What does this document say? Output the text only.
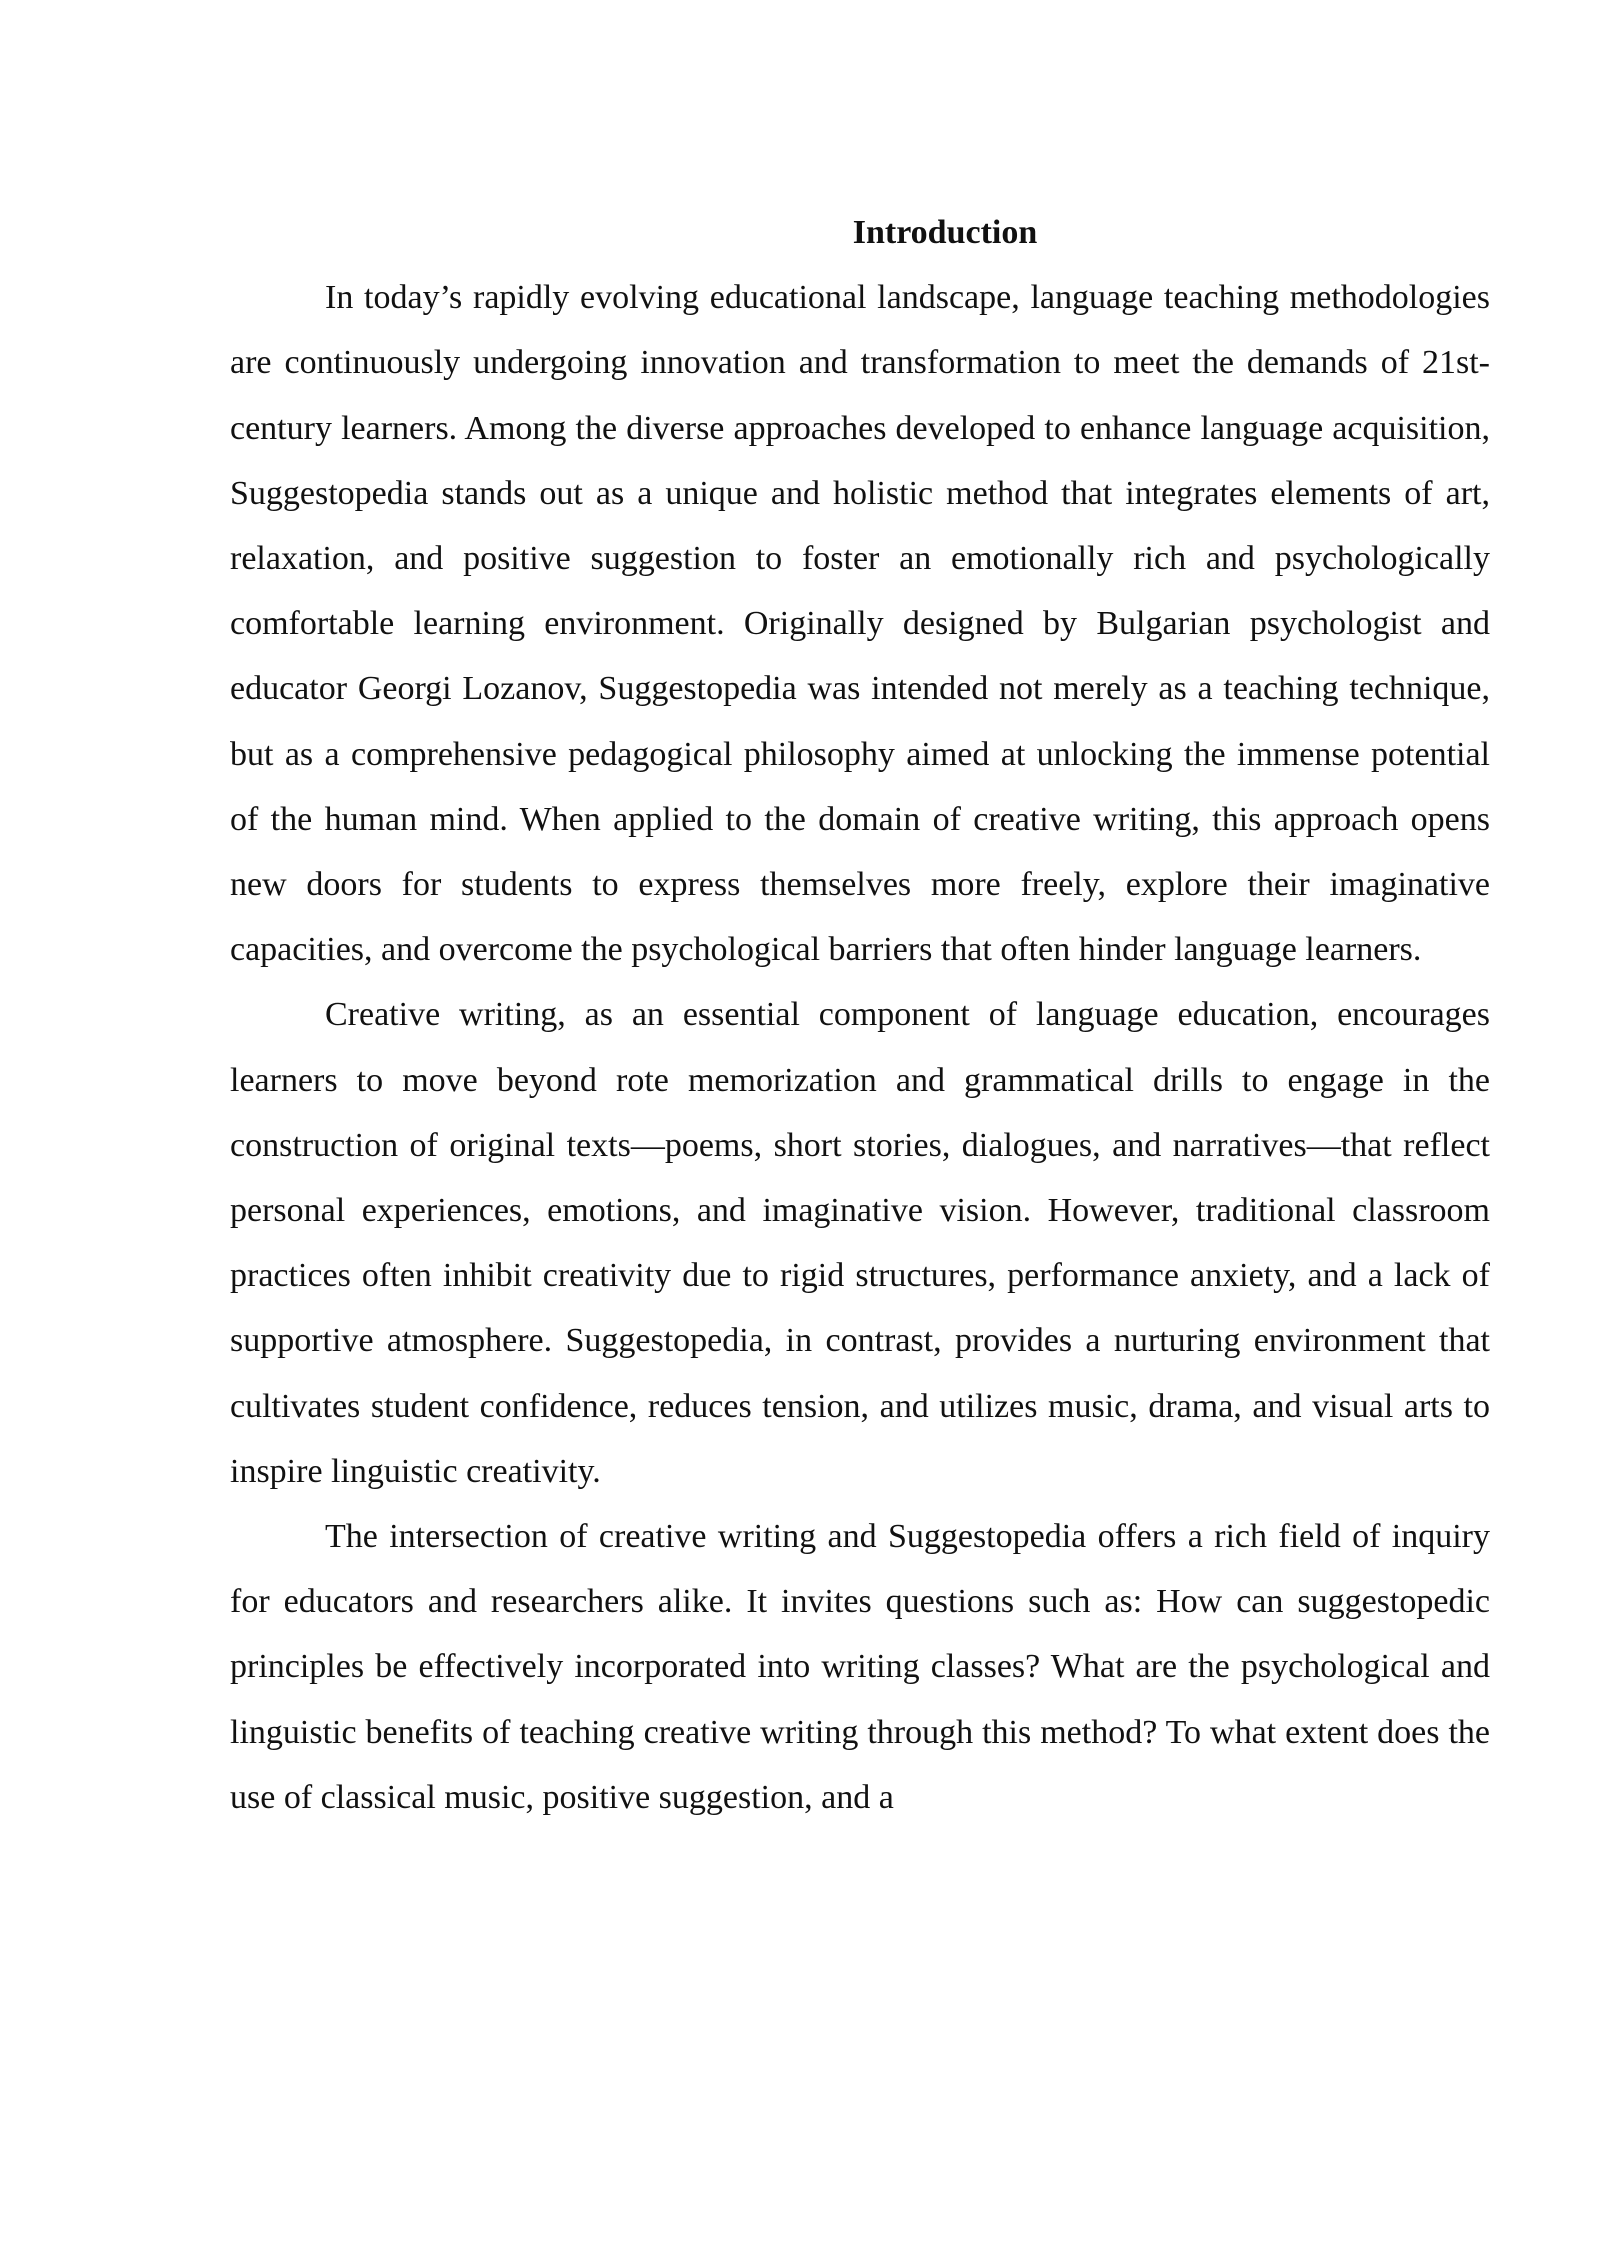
Introduction

In today’s rapidly evolving educational landscape, language teaching methodologies are continuously undergoing innovation and transformation to meet the demands of 21st-century learners. Among the diverse approaches developed to enhance language acquisition, Suggestopedia stands out as a unique and holistic method that integrates elements of art, relaxation, and positive suggestion to foster an emotionally rich and psychologically comfortable learning environment. Originally designed by Bulgarian psychologist and educator Georgi Lozanov, Suggestopedia was intended not merely as a teaching technique, but as a comprehensive pedagogical philosophy aimed at unlocking the immense potential of the human mind. When applied to the domain of creative writing, this approach opens new doors for students to express themselves more freely, explore their imaginative capacities, and overcome the psychological barriers that often hinder language learners.

Creative writing, as an essential component of language education, encourages learners to move beyond rote memorization and grammatical drills to engage in the construction of original texts—poems, short stories, dialogues, and narratives—that reflect personal experiences, emotions, and imaginative vision. However, traditional classroom practices often inhibit creativity due to rigid structures, performance anxiety, and a lack of supportive atmosphere. Suggestopedia, in contrast, provides a nurturing environment that cultivates student confidence, reduces tension, and utilizes music, drama, and visual arts to inspire linguistic creativity.

The intersection of creative writing and Suggestopedia offers a rich field of inquiry for educators and researchers alike. It invites questions such as: How can suggestopedic principles be effectively incorporated into writing classes? What are the psychological and linguistic benefits of teaching creative writing through this method? To what extent does the use of classical music, positive suggestion, and a
